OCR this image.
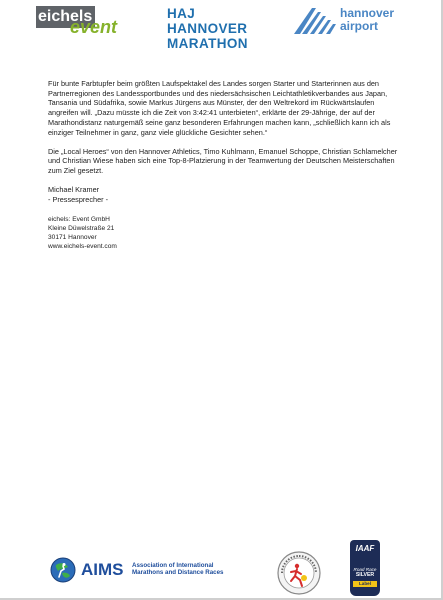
eichels
event
HAJ HANNOVER
MARATHON
hannover
airport

Für bunte Farbtupfer beim größten Laufspektakel des Landes sorgen Starter und Starterinnen aus den Partnerregionen des Landessportbundes und des niedersächsischen Leichtathletikverbandes aus Japan, Tansania und Südafrika, sowie Markus Jürgens aus Münster, der den Weltrekord im Rückwärtslaufen angreifen will. „Dazu müsste ich die Zeit von 3:42:41 unterbieten“, erklärte der 29-Jährige, der auf der Marathondistanz naturgemäß seine ganz besonderen Erfahrungen machen kann, „schließlich kann ich als einziger Teilnehmer in ganz, ganz viele glückliche Gesichter sehen.“

Die „Local Heroes“ von den Hannover Athletics, Timo Kuhlmann, Emanuel Schoppe, Christian Schlamelcher und Christian Wiese haben sich eine Top-8-Platzierung in der Teamwertung der Deutschen Meisterschaften zum Ziel gesetzt.

Michael Kramer
- Pressesprecher -
eichels: Event GmbH
Kleine Düwelstraße 21
30171 Hannover
www.eichels-event.com
AIMS Association of International
Marathons and Distance Races
IAAF
Road Race
SILVER
Label
